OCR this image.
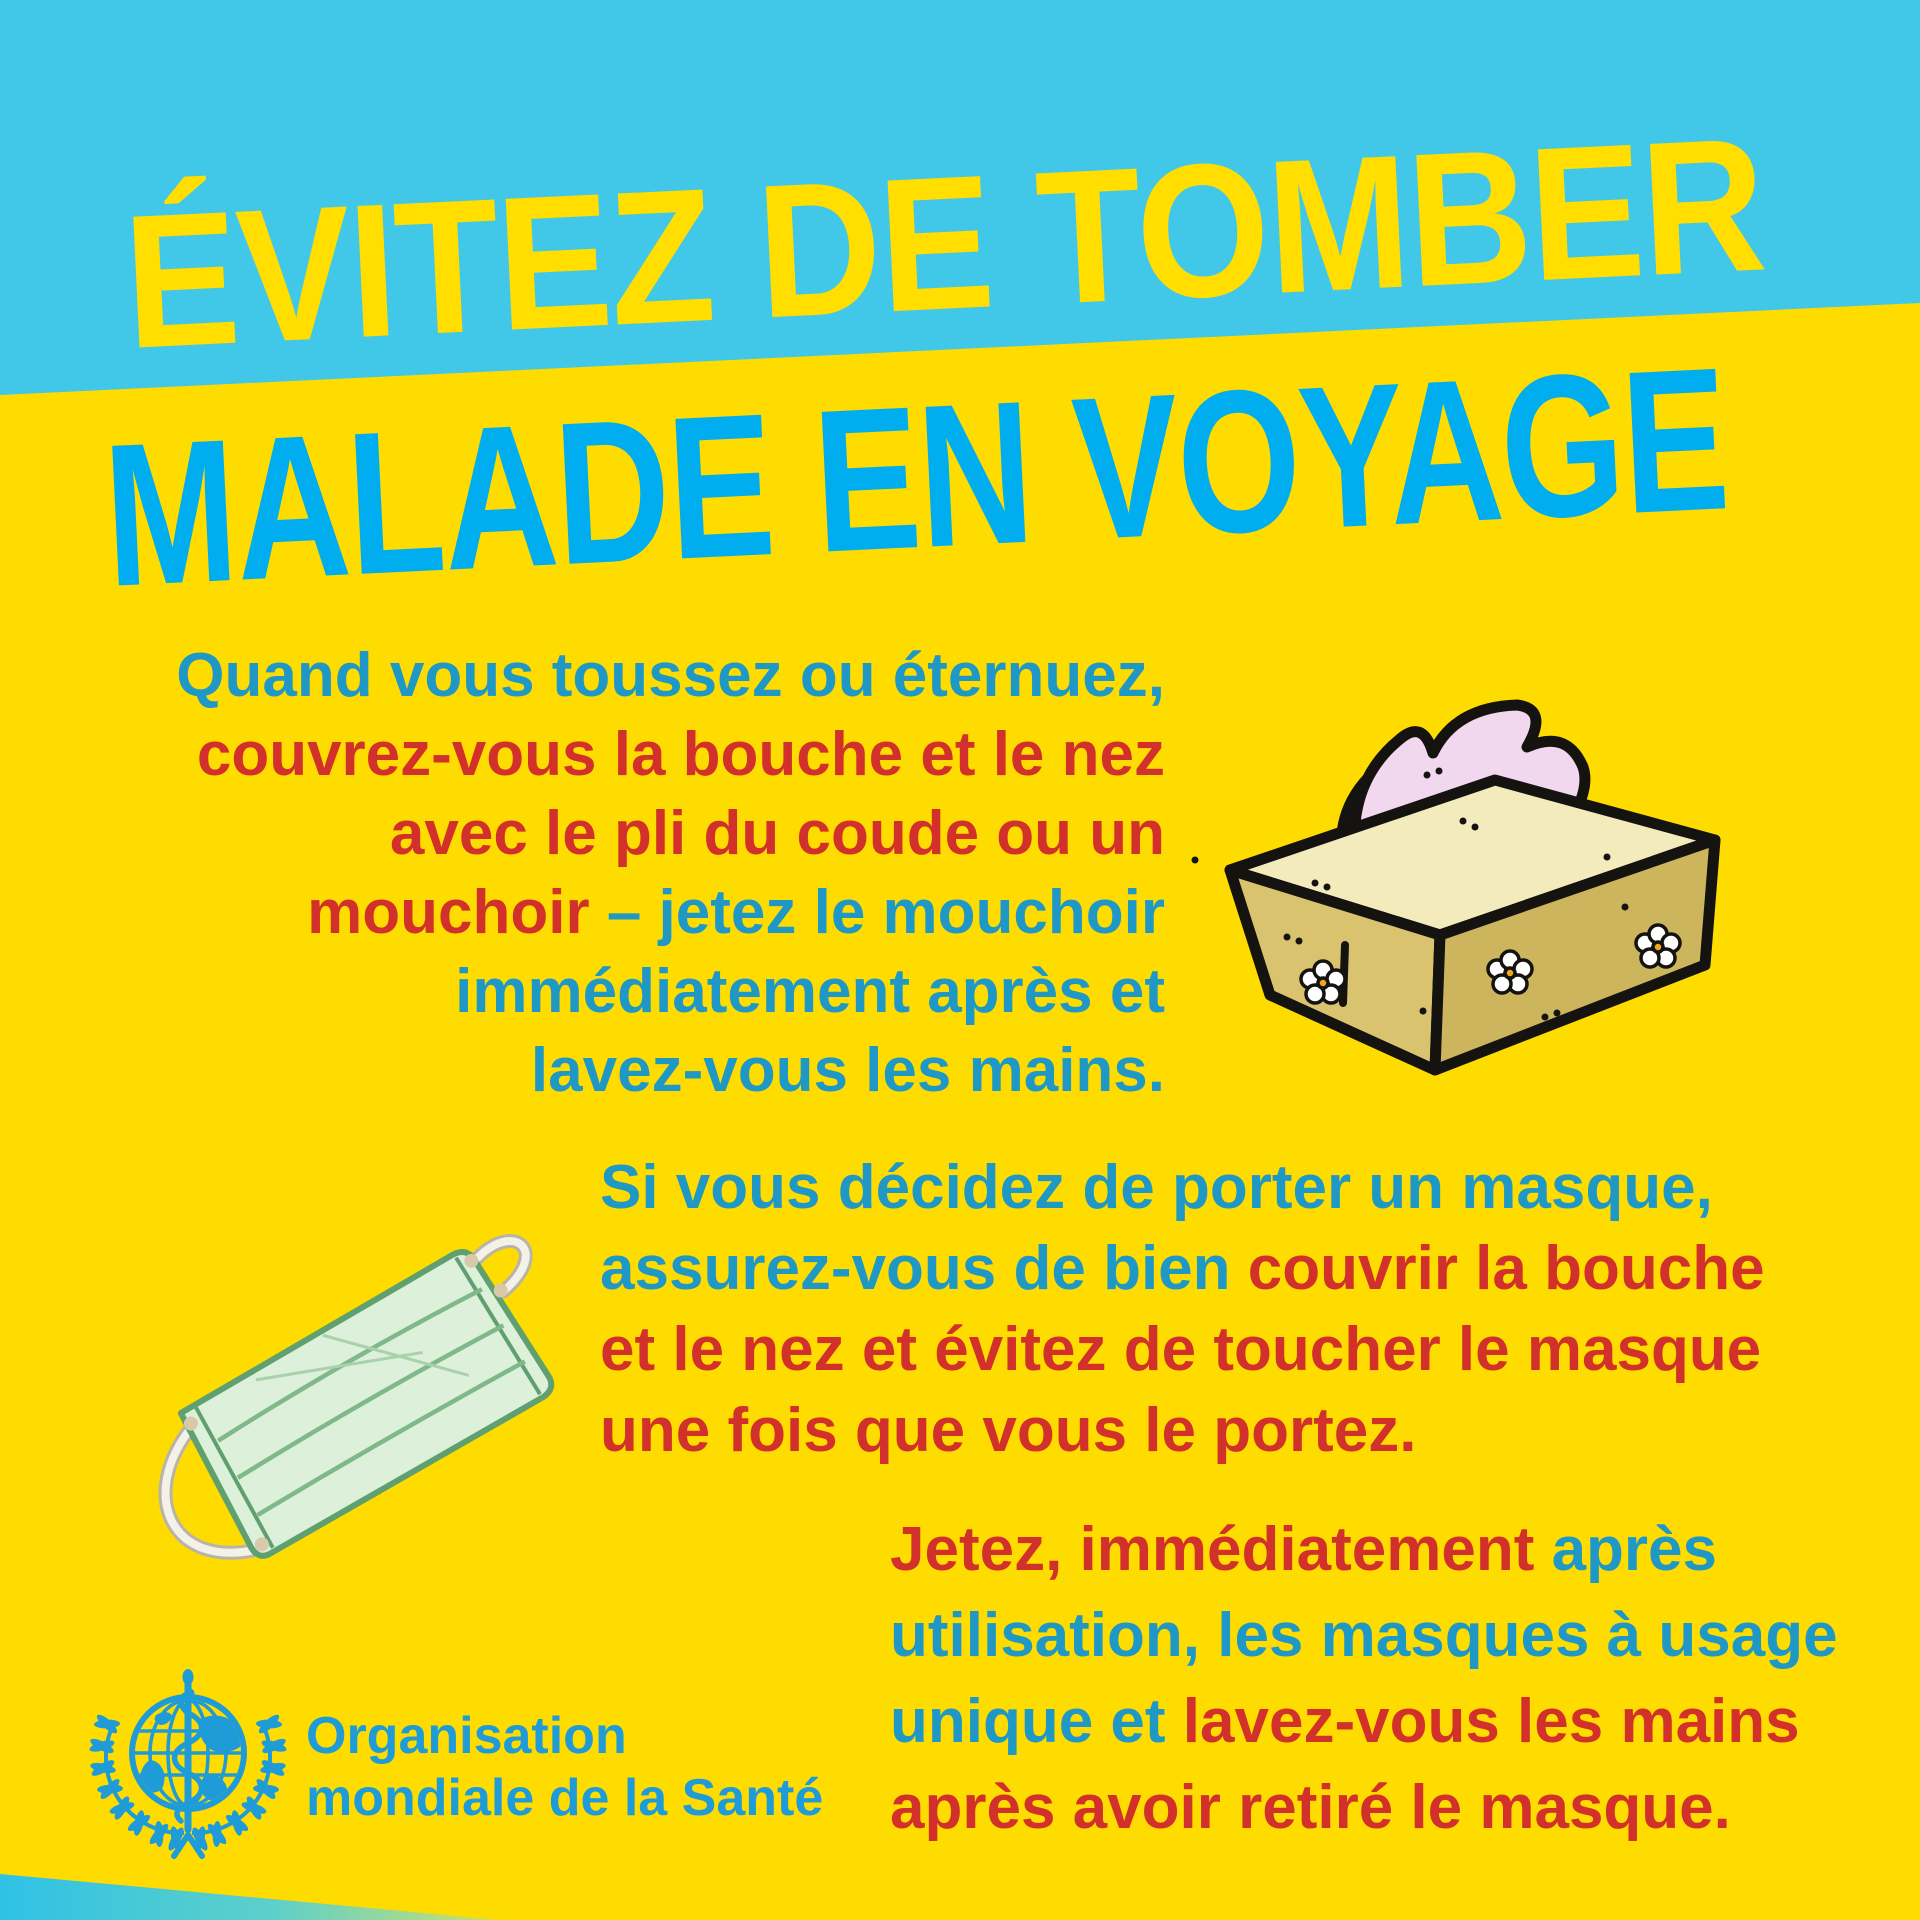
ÉVITEZ DE TOMBER
MALADE EN VOYAGE
Quand vous toussez ou éternuez,
couvrez-vous la bouche et le nez
avec le pli du coude ou un
mouchoir – jetez le mouchoir
immédiatement après et
lavez-vous les mains.
Si vous décidez de porter un masque,
assurez-vous de bien couvrir la bouche
et le nez et évitez de toucher le masque
une fois que vous le portez.
Jetez, immédiatement après
utilisation, les masques à usage
unique et lavez-vous les mains
après avoir retiré le masque.
Organisation
mondiale de la Santé
